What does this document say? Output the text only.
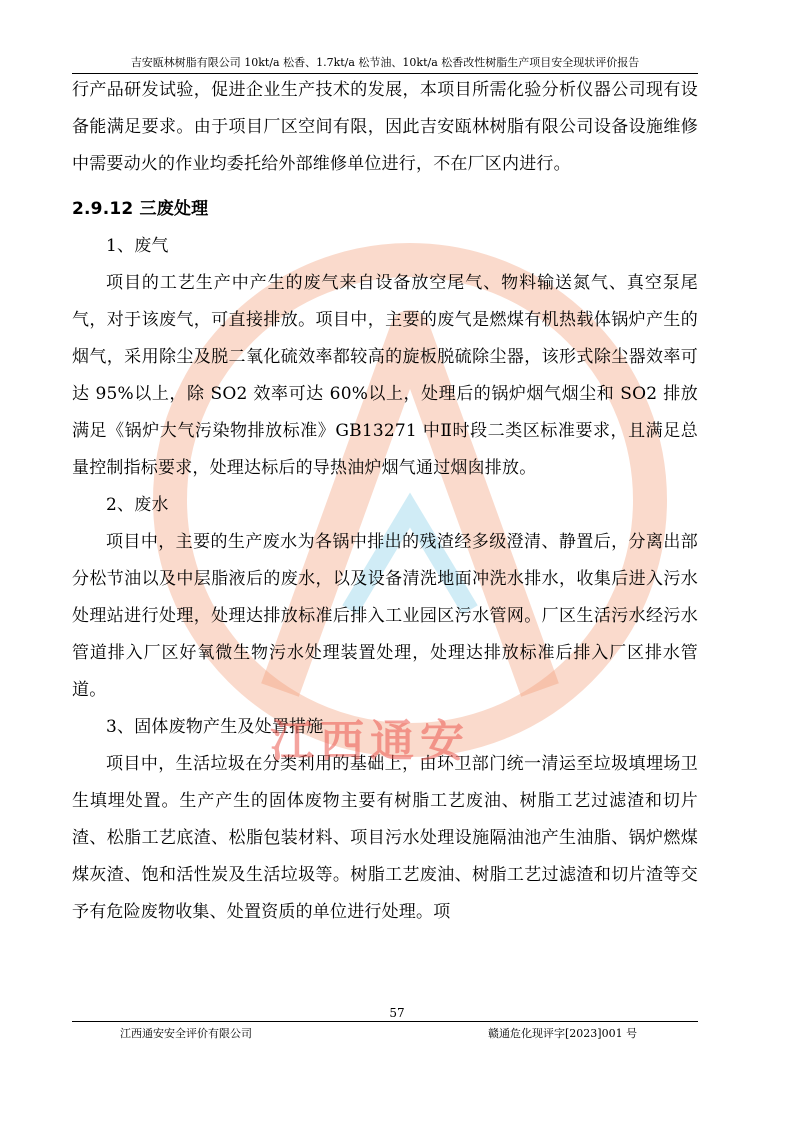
江西通安
吉安瓯林树脂有限公司 10kt/a 松香、1.7kt/a 松节油、10kt/a 松香改性树脂生产项目安全现状评价报告

行产品研发试验，促进企业生产技术的发展，本项目所需化验分析仪器公司现有设备能满足要求。由于项目厂区空间有限，因此吉安瓯林树脂有限公司设备设施维修中需要动火的作业均委托给外部维修单位进行，不在厂区内进行。

2.9.12 三废处理

1、废气

项目的工艺生产中产生的废气来自设备放空尾气、物料输送氮气、真空泵尾气，对于该废气，可直接排放。项目中，主要的废气是燃煤有机热载体锅炉产生的烟气，采用除尘及脱二氧化硫效率都较高的旋板脱硫除尘器，该形式除尘器效率可达 95%以上，除 SO2 效率可达 60%以上，处理后的锅炉烟气烟尘和 SO2 排放满足《锅炉大气污染物排放标准》GB13271 中Ⅱ时段二类区标准要求，且满足总量控制指标要求，处理达标后的导热油炉烟气通过烟囱排放。

2、废水

项目中，主要的生产废水为各锅中排出的残渣经多级澄清、静置后，分离出部分松节油以及中层脂液后的废水，以及设备清洗地面冲洗水排水，收集后进入污水处理站进行处理，处理达排放标准后排入工业园区污水管网。厂区生活污水经污水管道排入厂区好氧微生物污水处理装置处理，处理达排放标准后排入厂区排水管道。

3、固体废物产生及处置措施

项目中，生活垃圾在分类利用的基础上，由环卫部门统一清运至垃圾填埋场卫生填埋处置。生产产生的固体废物主要有树脂工艺废油、树脂工艺过滤渣和切片渣、松脂工艺底渣、松脂包装材料、项目污水处理设施隔油池产生油脂、锅炉燃煤煤灰渣、饱和活性炭及生活垃圾等。树脂工艺废油、树脂工艺过滤渣和切片渣等交予有危险废物收集、处置资质的单位进行处理。项

57
江西通安安全评价有限公司	赣通危化现评字[2023]001 号
